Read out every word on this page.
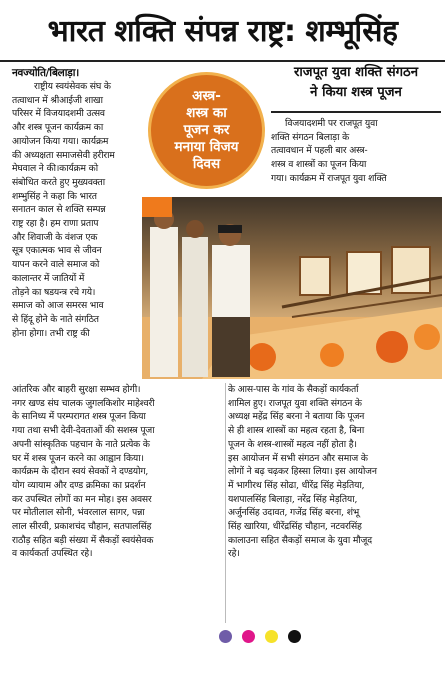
भारत शक्ति संपन्न राष्ट्र: शम्भूसिंह
नवज्योति/बिलाड़ा।
राष्ट्रीय स्वयंसेवक संघ के
तत्वाधान में श्रीआईजी शाखा
परिसर में विजयादशमी उत्सव
और शस्त्र पूजन कार्यक्रम का
आयोजन किया गया। कार्यक्रम
की अध्यक्षता समाजसेवी हरीराम
मेघवाल ने की।कार्यक्रम को
संबोधित करते हुए मुख्यवक्ता
शम्भुसिंह ने कहा कि भारत
सनातन काल से शक्ति सम्पन्न
राष्ट्र रहा है। हम राणा प्रताप
और शिवाजी के वंशज एक
सूत्र एकात्मक भाव से जीवन
यापन करने वाले समाज को
कालान्तर में जातियों में
तोड़ने का षडयन्त्र रचे गये।
समाज को आज समरस भाव
से हिंदू होने के नाते संगठित
होना होगा। तभी राष्ट्र की
अस्त्र-
शस्त्र का
पूजन कर
मनाया विजय
दिवस
राजपूत युवा शक्ति संगठन
ने किया शस्त्र पूजन
विजयादशमी पर राजपूत युवा
शक्ति संगठन बिलाड़ा के
तत्वावधान में पहली बार अस्त्र-
शस्त्र व शास्त्रों का पूजन किया
गया। कार्यक्रम में राजपूत युवा शक्ति
आंतरिक और बाहरी सुरक्षा सम्भव होगी।
नगर खण्ड संघ चालक जुगलकिशोर माहेश्वरी
के सानिध्य में परम्परागत शस्त्र पूजन किया
गया तथा सभी देवी-देवताओं की सशस्त्र पूजा
अपनी सांस्कृतिक पहचान के नाते प्रत्येक के
घर में शस्त्र पूजन करने का आह्वान किया।
कार्यक्रम के दौरान स्वयं सेवकों ने दण्डयोग,
योग व्यायाम और दण्ड क्रमिका का प्रदर्शन
कर उपस्थित लोगों का मन मोह। इस अवसर
पर मोतीलाल सोनी, भंवरलाल सागर, पन्ना
लाल सीरवी, प्रकाशचंद चौहान, सतपालसिंह
राठौड़ सहित बड़ी संख्या में सैकड़ों स्वयंसेवक
व कार्यकर्ता उपस्थित रहे।
के आस-पास के गांव के सैकड़ों कार्यकर्ता
शामिल हुए। राजपूत युवा शक्ति संगठन के
अध्यक्ष महेंद्र सिंह बरना ने बताया कि पूजन
से ही शास्त्र शास्त्रों का महत्व रहता है, बिना
पूजन के शस्त्र-शास्त्रों महत्व नहीं होता है।
इस आयोजन में सभी संगठन और समाज के
लोगों ने बढ़ चढ़कर हिस्सा लिया। इस आयोजन
में भागीरथ सिंह सोढा, धीरेंद्र सिंह मेड़तिया,
यशपालसिंह बिलाड़ा, नरेंद्र सिंह मेड़तिया,
अर्जुनसिंह उदावत, गजेंद्र सिंह बरना, शंभू
सिंह खारिया, धीरेंद्रसिंह चौहान, नटवरसिंह
कालाउना सहित सैकड़ों समाज के युवा मौजूद
रहे।
